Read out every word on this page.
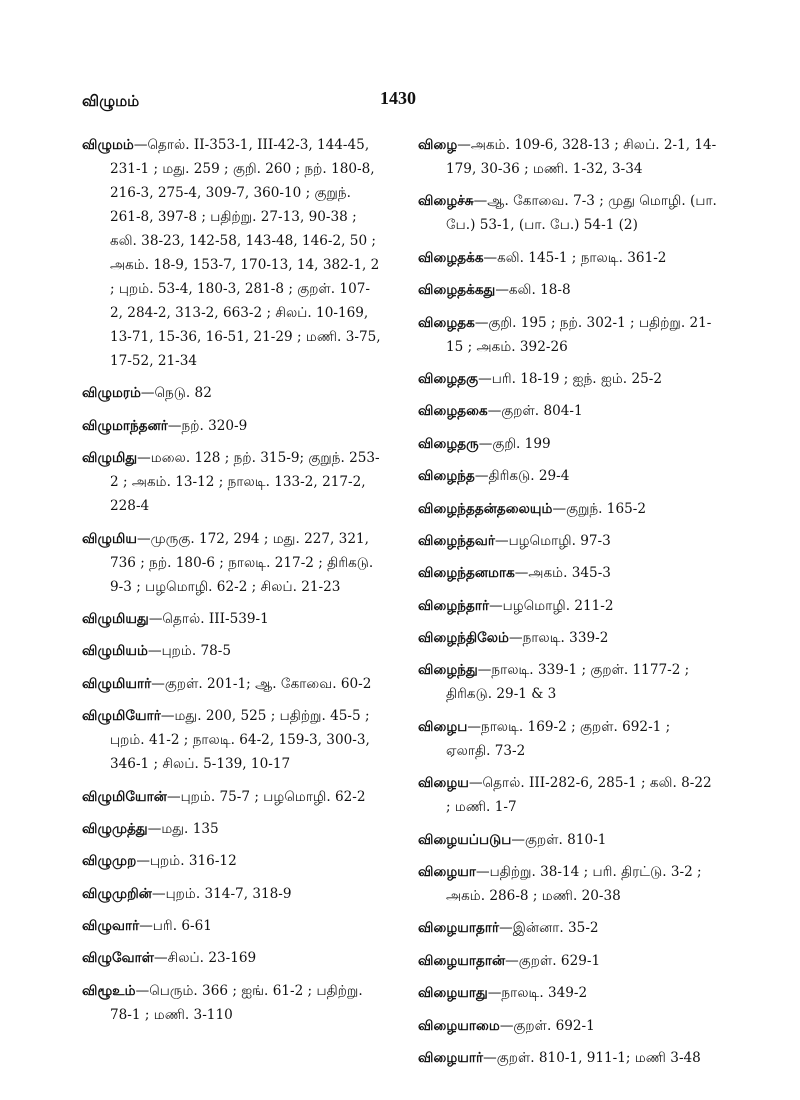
விழுமம்	1430
விழுமம்—தொல். II-353-1, III-42-3, 144-45, 231-1 ; மது. 259 ; குறி. 260 ; நற். 180-8, 216-3, 275-4, 309-7, 360-10 ; குறுந். 261-8, 397-8 ; பதிற்று. 27-13, 90-38 ; கலி. 38-23, 142-58, 143-48, 146-2, 50 ; அகம். 18-9, 153-7, 170-13, 14, 382-1, 2 ; புறம். 53-4, 180-3, 281-8 ; குறள். 107-2, 284-2, 313-2, 663-2 ; சிலப். 10-169, 13-71, 15-36, 16-51, 21-29 ; மணி. 3-75, 17-52, 21-34
விழுமரம்—நெடு. 82
விழுமாந்தனர்—நற். 320-9
விழுமிது—மலை. 128 ; நற். 315-9; குறுந். 253-2 ; அகம். 13-12 ; நாலடி. 133-2, 217-2, 228-4
விழுமிய—முருகு. 172, 294 ; மது. 227, 321, 736 ; நற். 180-6 ; நாலடி. 217-2 ; திரிகடு. 9-3 ; பழமொழி. 62-2 ; சிலப். 21-23
விழுமியது—தொல். III-539-1
விழுமியம்—புறம். 78-5
விழுமியார்—குறள். 201-1; ஆ. கோவை. 60-2
விழுமியோர்—மது. 200, 525 ; பதிற்று. 45-5 ; புறம். 41-2 ; நாலடி. 64-2, 159-3, 300-3, 346-1 ; சிலப். 5-139, 10-17
விழுமியோன்—புறம். 75-7 ; பழமொழி. 62-2
விழுமுத்து—மது. 135
விழுமுற—புறம். 316-12
விழுமுறின்—புறம். 314-7, 318-9
விழுவார்—பரி. 6-61
விழுவோள்—சிலப். 23-169
விழூஉம்—பெரும். 366 ; ஐங். 61-2 ; பதிற்று. 78-1 ; மணி. 3-110
விழை—அகம். 109-6, 328-13 ; சிலப். 2-1, 14-179, 30-36 ; மணி. 1-32, 3-34
விழைச்சு—ஆ. கோவை. 7-3 ; முது மொழி. (பா. பே.) 53-1, (பா. பே.) 54-1 (2)
விழைதக்க—கலி. 145-1 ; நாலடி. 361-2
விழைதக்கது—கலி. 18-8
விழைதக—குறி. 195 ; நற். 302-1 ; பதிற்று. 21-15 ; அகம். 392-26
விழைதகு—பரி. 18-19 ; ஐந். ஐம். 25-2
விழைதகை—குறள். 804-1
விழைதரு—குறி. 199
விழைந்த—திரிகடு. 29-4
விழைந்ததன்தலையும்—குறுந். 165-2
விழைந்தவர்—பழமொழி. 97-3
விழைந்தனமாக—அகம். 345-3
விழைந்தார்—பழமொழி. 211-2
விழைந்திலேம்—நாலடி. 339-2
விழைந்து—நாலடி. 339-1 ; குறள். 1177-2 ; திரிகடு. 29-1 & 3
விழைப—நாலடி. 169-2 ; குறள். 692-1 ; ஏலாதி. 73-2
விழைய—தொல். III-282-6, 285-1 ; கலி. 8-22 ; மணி. 1-7
விழையப்படுப—குறள். 810-1
விழையா—பதிற்று. 38-14 ; பரி. திரட்டு. 3-2 ; அகம். 286-8 ; மணி. 20-38
விழையாதார்—இன்னா. 35-2
விழையாதான்—குறள். 629-1
விழையாது—நாலடி. 349-2
விழையாமை—குறள். 692-1
விழையார்—குறள். 810-1, 911-1; மணி 3-48
